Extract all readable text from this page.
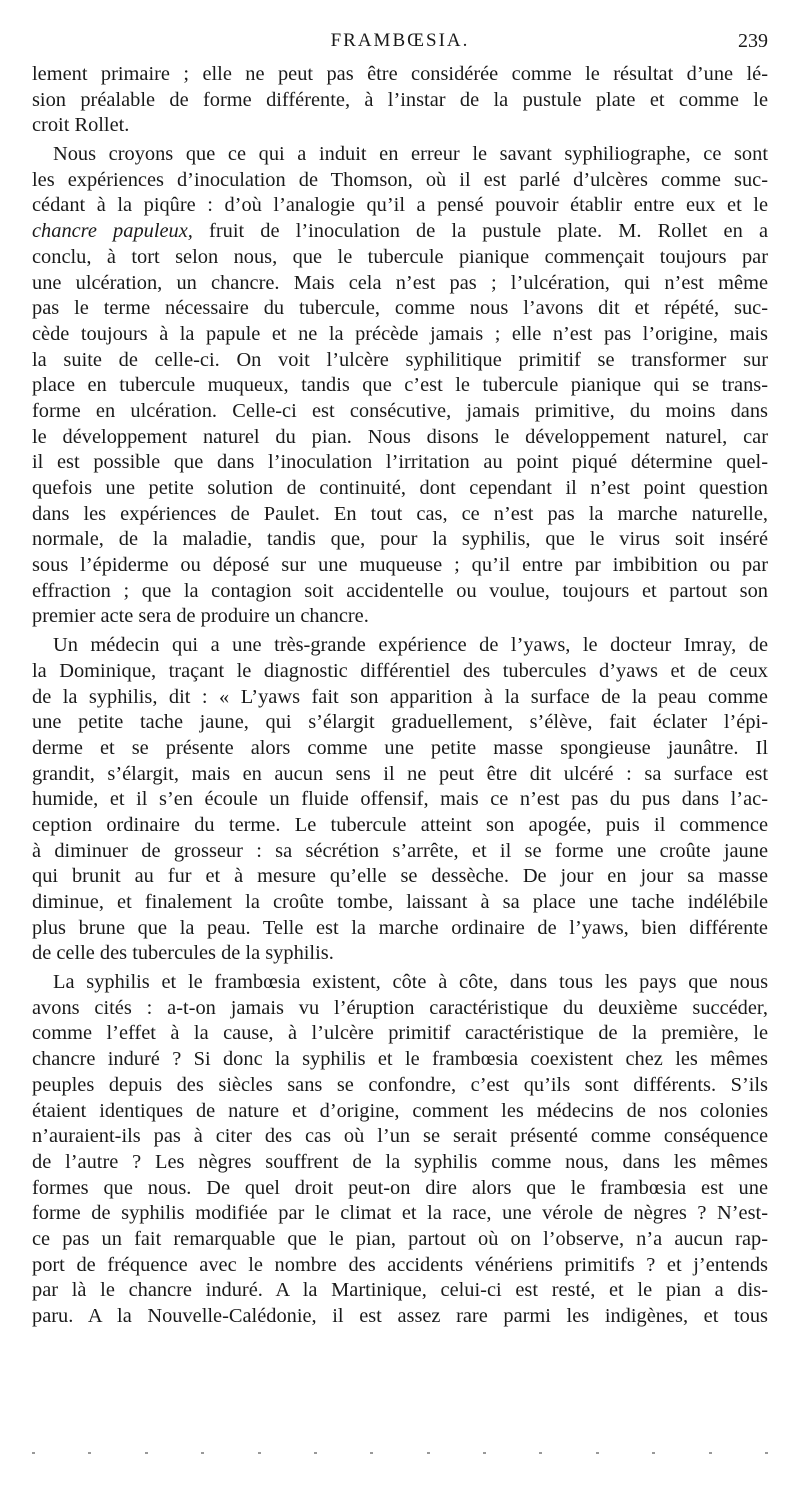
FRAMBŒSIA.	239
lement primaire ; elle ne peut pas être considérée comme le résultat d’une lé-
sion préalable de forme différente, à l’instar de la pustule plate et comme le
croit Rollet.
Nous croyons que ce qui a induit en erreur le savant syphiliographe, ce sont
les expériences d’inoculation de Thomson, où il est parlé d’ulcères comme suc-
cédant à la piqûre : d’où l’analogie qu’il a pensé pouvoir établir entre eux et le
chancre papuleux, fruit de l’inoculation de la pustule plate. M. Rollet en a
conclu, à tort selon nous, que le tubercule pianique commençait toujours par
une ulcération, un chancre. Mais cela n’est pas ; l’ulcération, qui n’est même
pas le terme nécessaire du tubercule, comme nous l’avons dit et répété, suc-
cède toujours à la papule et ne la précède jamais ; elle n’est pas l’origine, mais
la suite de celle-ci. On voit l’ulcère syphilitique primitif se transformer sur
place en tubercule muqueux, tandis que c’est le tubercule pianique qui se trans-
forme en ulcération. Celle-ci est consécutive, jamais primitive, du moins dans
le développement naturel du pian. Nous disons le développement naturel, car
il est possible que dans l’inoculation l’irritation au point piqué détermine quel-
quefois une petite solution de continuité, dont cependant il n’est point question
dans les expériences de Paulet. En tout cas, ce n’est pas la marche naturelle,
normale, de la maladie, tandis que, pour la syphilis, que le virus soit inséré
sous l’épiderme ou déposé sur une muqueuse ; qu’il entre par imbibition ou par
effraction ; que la contagion soit accidentelle ou voulue, toujours et partout son
premier acte sera de produire un chancre.
Un médecin qui a une très-grande expérience de l’yaws, le docteur Imray, de
la Dominique, traçant le diagnostic différentiel des tubercules d’yaws et de ceux
de la syphilis, dit : « L’yaws fait son apparition à la surface de la peau comme
une petite tache jaune, qui s’élargit graduellement, s’élève, fait éclater l’épi-
derme et se présente alors comme une petite masse spongieuse jaunâtre. Il
grandit, s’élargit, mais en aucun sens il ne peut être dit ulcéré : sa surface est
humide, et il s’en écoule un fluide offensif, mais ce n’est pas du pus dans l’ac-
ception ordinaire du terme. Le tubercule atteint son apogée, puis il commence
à diminuer de grosseur : sa sécrétion s’arrête, et il se forme une croûte jaune
qui brunit au fur et à mesure qu’elle se dessèche. De jour en jour sa masse
diminue, et finalement la croûte tombe, laissant à sa place une tache indélébile
plus brune que la peau. Telle est la marche ordinaire de l’yaws, bien différente
de celle des tubercules de la syphilis.
La syphilis et le frambœsia existent, côte à côte, dans tous les pays que nous
avons cités : a-t-on jamais vu l’éruption caractéristique du deuxième succéder,
comme l’effet à la cause, à l’ulcère primitif caractéristique de la première, le
chancre induré ? Si donc la syphilis et le frambœsia coexistent chez les mêmes
peuples depuis des siècles sans se confondre, c’est qu’ils sont différents. S’ils
étaient identiques de nature et d’origine, comment les médecins de nos colonies
n’auraient-ils pas à citer des cas où l’un se serait présenté comme conséquence
de l’autre ? Les nègres souffrent de la syphilis comme nous, dans les mêmes
formes que nous. De quel droit peut-on dire alors que le frambœsia est une
forme de syphilis modifiée par le climat et la race, une vérole de nègres ? N’est-
ce pas un fait remarquable que le pian, partout où on l’observe, n’a aucun rap-
port de fréquence avec le nombre des accidents vénériens primitifs ? et j’entends
par là le chancre induré. A la Martinique, celui-ci est resté, et le pian a dis-
paru. A la Nouvelle-Calédonie, il est assez rare parmi les indigènes, et tous
